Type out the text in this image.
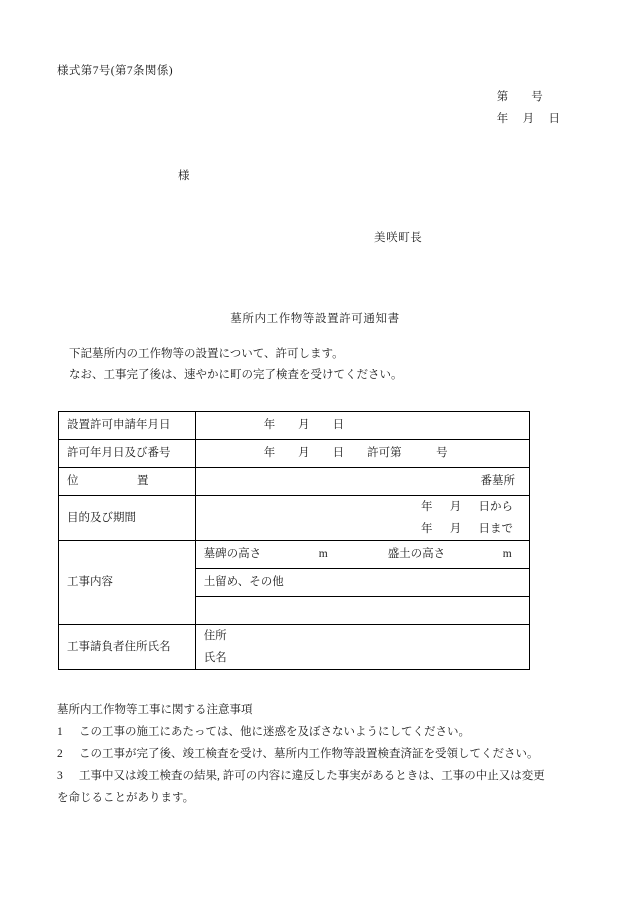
様式第7号(第7条関係)
第        号
年     月     日
様
美咲町長
墓所内工作物等設置許可通知書
下記墓所内の工作物等の設置について、許可します。
なお、工事完了後は、速やかに町の完了検査を受けてください。
設置許可申請年月日	年        月        日

許可年月日及び番号	年        月        日        許可第            号

位　　　置	番墓所

目的及び期間	年      月      日から
年      月      日まで

工事内容	墓碑の高さ			m			盛土の高さ			m

	土留め、その他

工事請負者住所氏名	住所
氏名
墓所内工作物等工事に関する注意事項
1 この工事の施工にあたっては、他に迷惑を及ぼさないようにしてください。
2 この工事が完了後、竣工検査を受け、墓所内工作物等設置検査済証を受領してください。
3 工事中又は竣工検査の結果, 許可の内容に違反した事実があるときは、工事の中止又は変更
を命じることがあります。
